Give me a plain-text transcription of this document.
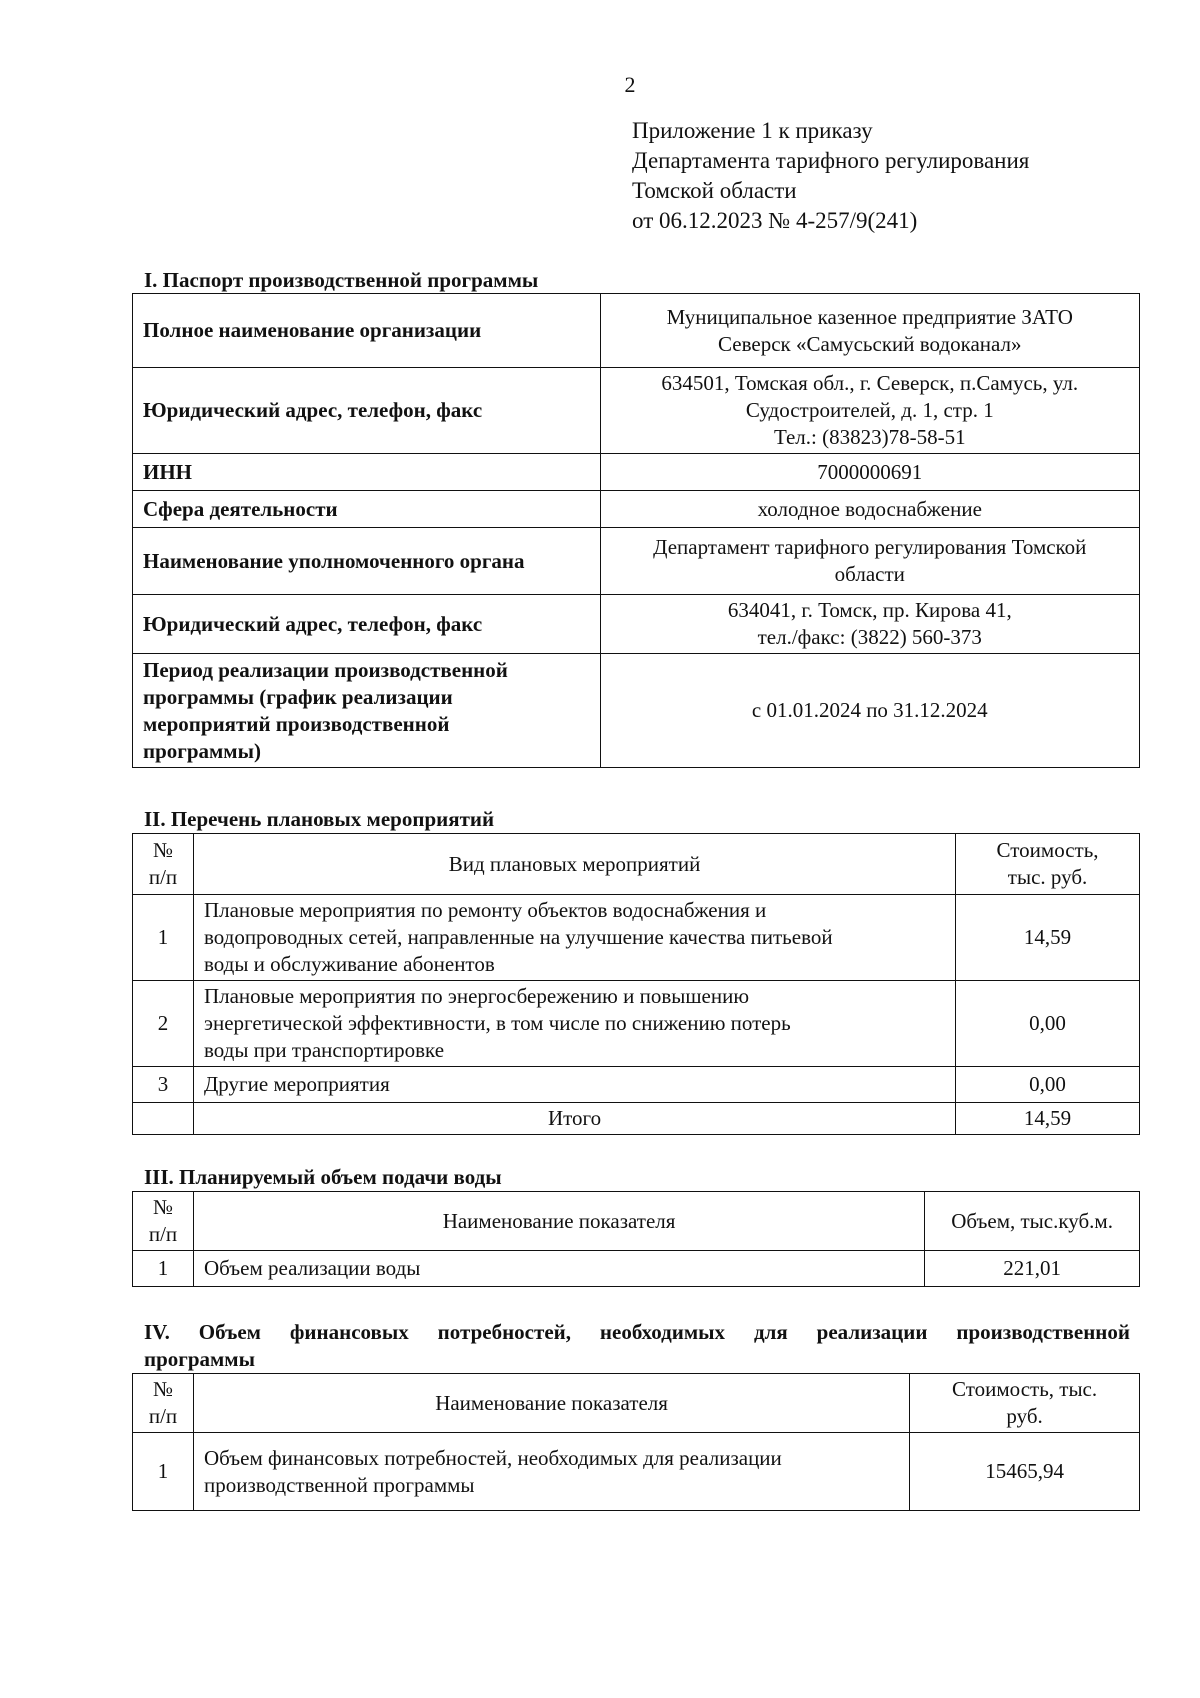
2
Приложение 1 к приказу
Департамента тарифного регулирования
Томской области
от 06.12.2023 № 4-257/9(241)
I. Паспорт производственной программы
Полное наименование организации	Муниципальное казенное предприятие ЗАТО
Северск «Самусьский водоканал»
Юридический адрес, телефон, факс	634501, Томская обл., г. Северск, п.Самусь, ул.
Судостроителей, д. 1, стр. 1
Тел.: (83823)78-58-51
ИНН	7000000691
Сфера деятельности	холодное водоснабжение
Наименование уполномоченного органа	Департамент тарифного регулирования Томской
области
Юридический адрес, телефон, факс	634041, г. Томск, пр. Кирова 41,
тел./факс: (3822) 560-373
Период реализации производственной
программы (график реализации
мероприятий производственной
программы)	с 01.01.2024 по 31.12.2024
II. Перечень плановых мероприятий
№
п/п	Вид плановых мероприятий	Стоимость,
тыс. руб.
1	Плановые мероприятия по ремонту объектов водоснабжения и
водопроводных сетей, направленные на улучшение качества питьевой
воды и обслуживание абонентов	14,59
2	Плановые мероприятия по энергосбережению и повышению
энергетической эффективности, в том числе по снижению потерь
воды при транспортировке	0,00
3	Другие мероприятия	0,00
	Итого	14,59
III. Планируемый объем подачи воды
№
п/п	Наименование показателя	Объем, тыс.куб.м.
1	Объем реализации воды	221,01
IV. Объем финансовых потребностей, необходимых для реализации производственной
программы
№
п/п	Наименование показателя	Стоимость, тыс.
руб.
1	Объем финансовых потребностей, необходимых для реализации
производственной программы	15465,94
